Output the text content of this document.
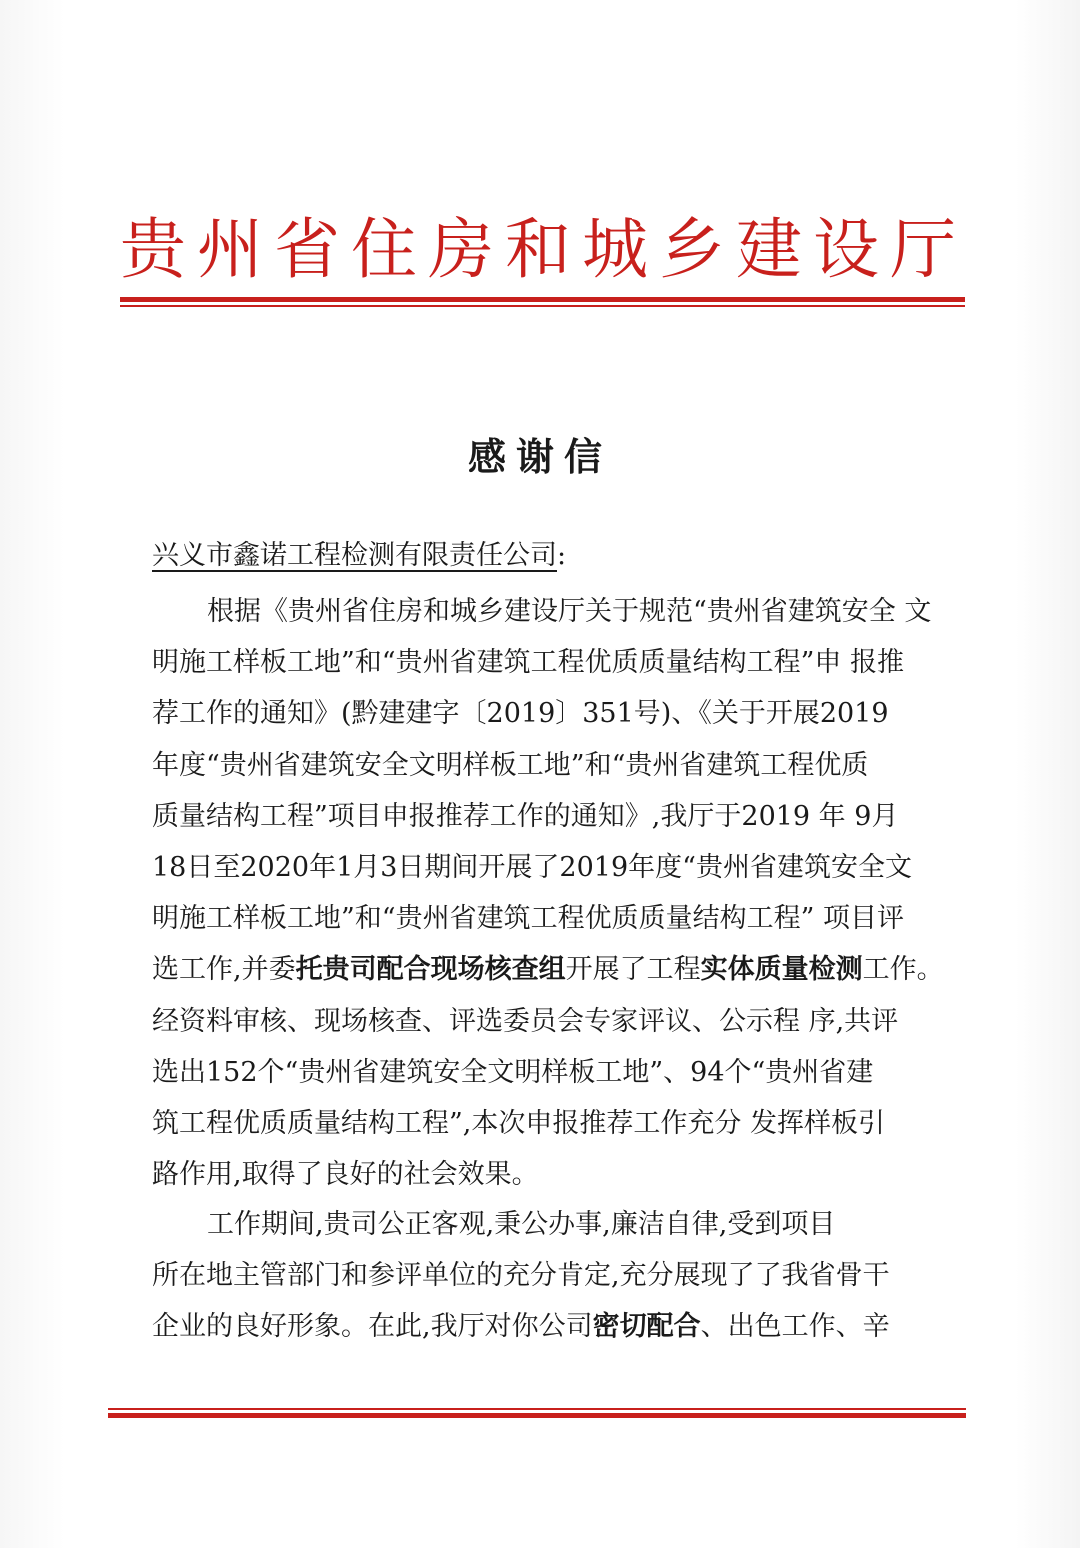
贵州省住房和城乡建设厅
感谢信
兴义市鑫诺工程检测有限责任公司:
根据《贵州省住房和城乡建设厅关于规范“贵州省建筑安全 文
明施工样板工地”和“贵州省建筑工程优质质量结构工程”申 报推
荐工作的通知》(黔建建字〔2019〕351号)、《关于开展2019
年度“贵州省建筑安全文明样板工地”和“贵州省建筑工程优质
质量结构工程”项目申报推荐工作的通知》,我厅于2019 年 9月
18日至2020年1月3日期间开展了2019年度“贵州省建筑安全文
明施工样板工地”和“贵州省建筑工程优质质量结构工程” 项目评
选工作,并委托贵司配合现场核查组开展了工程实体质量检测工作。
经资料审核、现场核查、评选委员会专家评议、公示程 序,共评
选出152个“贵州省建筑安全文明样板工地”、94个“贵州省建
筑工程优质质量结构工程”,本次申报推荐工作充分 发挥样板引
路作用,取得了良好的社会效果。
工作期间,贵司公正客观,秉公办事,廉洁自律,受到项目
所在地主管部门和参评单位的充分肯定,充分展现了了我省骨干
企业的良好形象。在此,我厅对你公司密切配合、出色工作、辛
